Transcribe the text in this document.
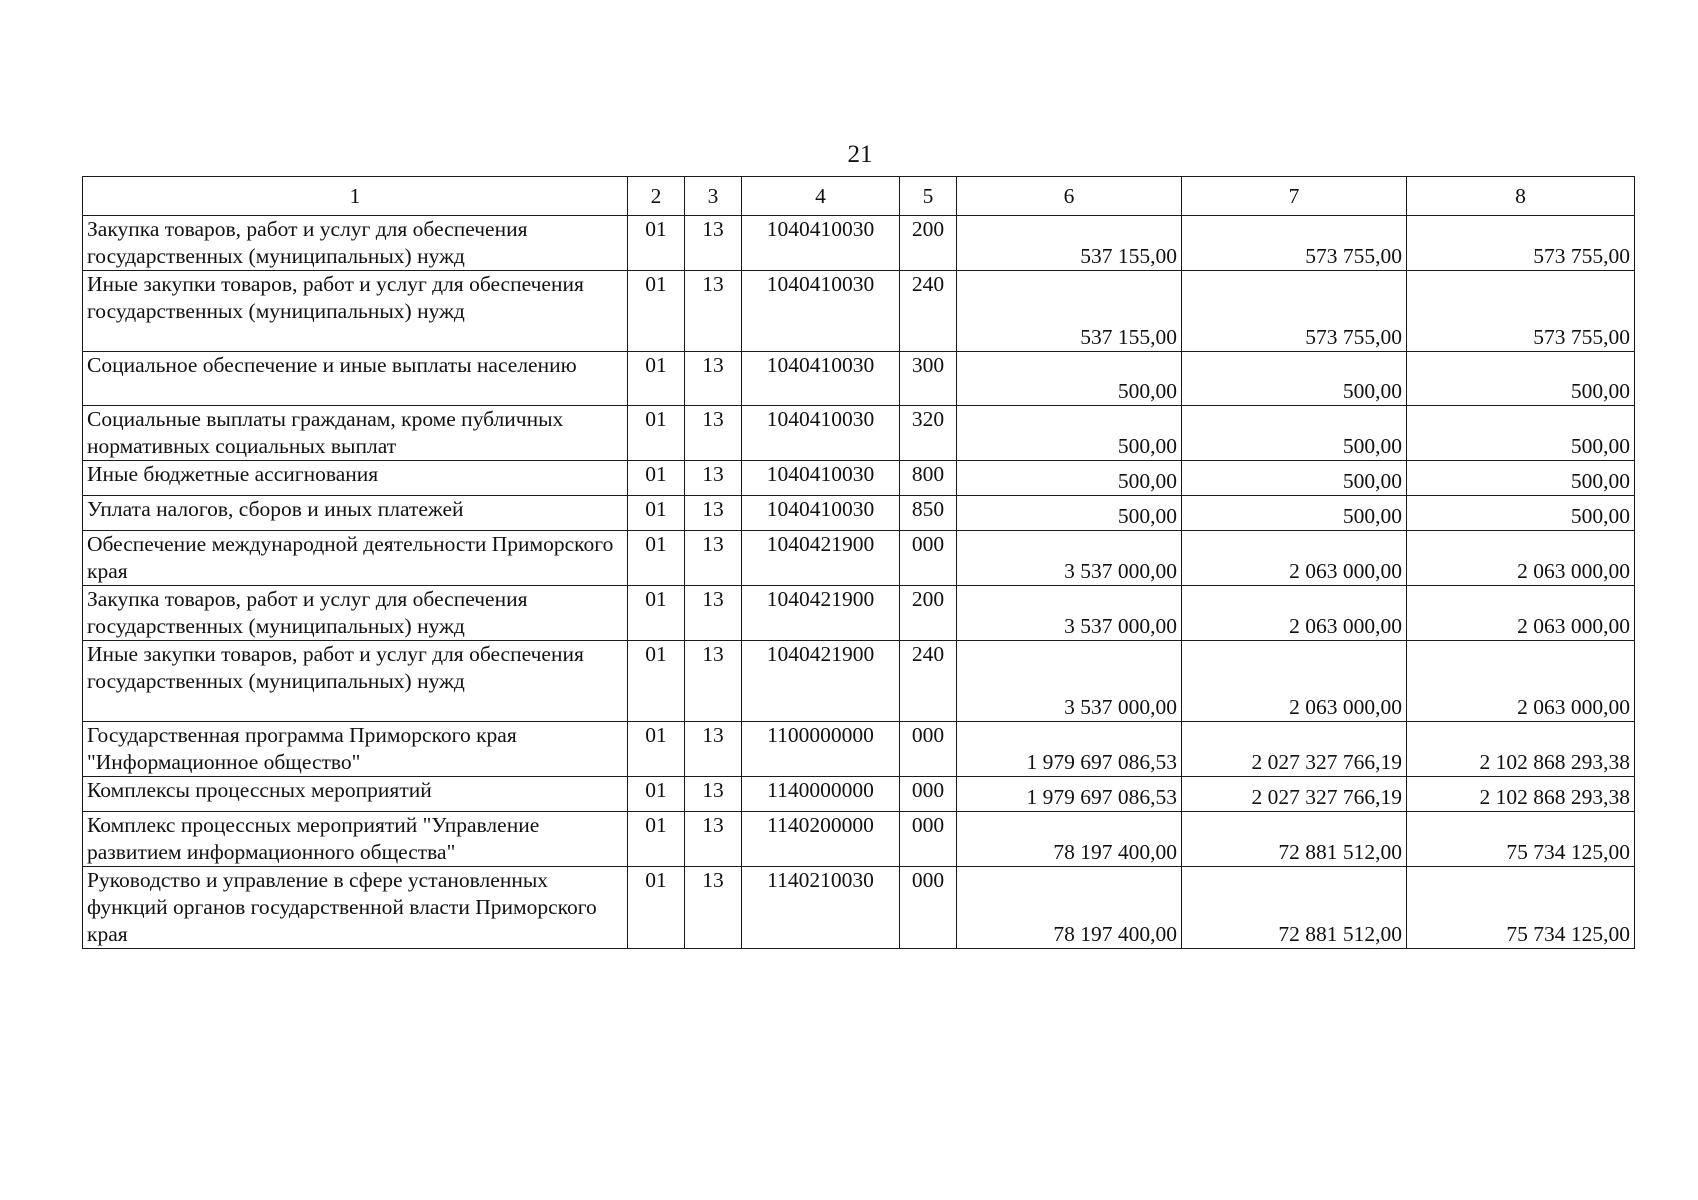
21
1	2	3	4	5	6	7	8
Закупка товаров, работ и услуг для обеспечения государственных (муниципальных) нужд	01	13	1040410030	200	537 155,00	573 755,00	573 755,00
Иные закупки товаров, работ и услуг для обеспечения государственных (муниципальных) нужд	01	13	1040410030	240	537 155,00	573 755,00	573 755,00
Социальное обеспечение и иные выплаты населению	01	13	1040410030	300	500,00	500,00	500,00
Социальные выплаты гражданам, кроме публичных нормативных социальных выплат	01	13	1040410030	320	500,00	500,00	500,00
Иные бюджетные ассигнования	01	13	1040410030	800	500,00	500,00	500,00
Уплата налогов, сборов и иных платежей	01	13	1040410030	850	500,00	500,00	500,00
Обеспечение международной деятельности Приморского края	01	13	1040421900	000	3 537 000,00	2 063 000,00	2 063 000,00
Закупка товаров, работ и услуг для обеспечения государственных (муниципальных) нужд	01	13	1040421900	200	3 537 000,00	2 063 000,00	2 063 000,00
Иные закупки товаров, работ и услуг для обеспечения государственных (муниципальных) нужд	01	13	1040421900	240	3 537 000,00	2 063 000,00	2 063 000,00
Государственная программа Приморского края "Информационное общество"	01	13	1100000000	000	1 979 697 086,53	2 027 327 766,19	2 102 868 293,38
Комплексы процессных мероприятий	01	13	1140000000	000	1 979 697 086,53	2 027 327 766,19	2 102 868 293,38
Комплекс процессных мероприятий "Управление развитием информационного общества"	01	13	1140200000	000	78 197 400,00	72 881 512,00	75 734 125,00
Руководство и управление в сфере установленных функций органов государственной власти Приморского края	01	13	1140210030	000	78 197 400,00	72 881 512,00	75 734 125,00
